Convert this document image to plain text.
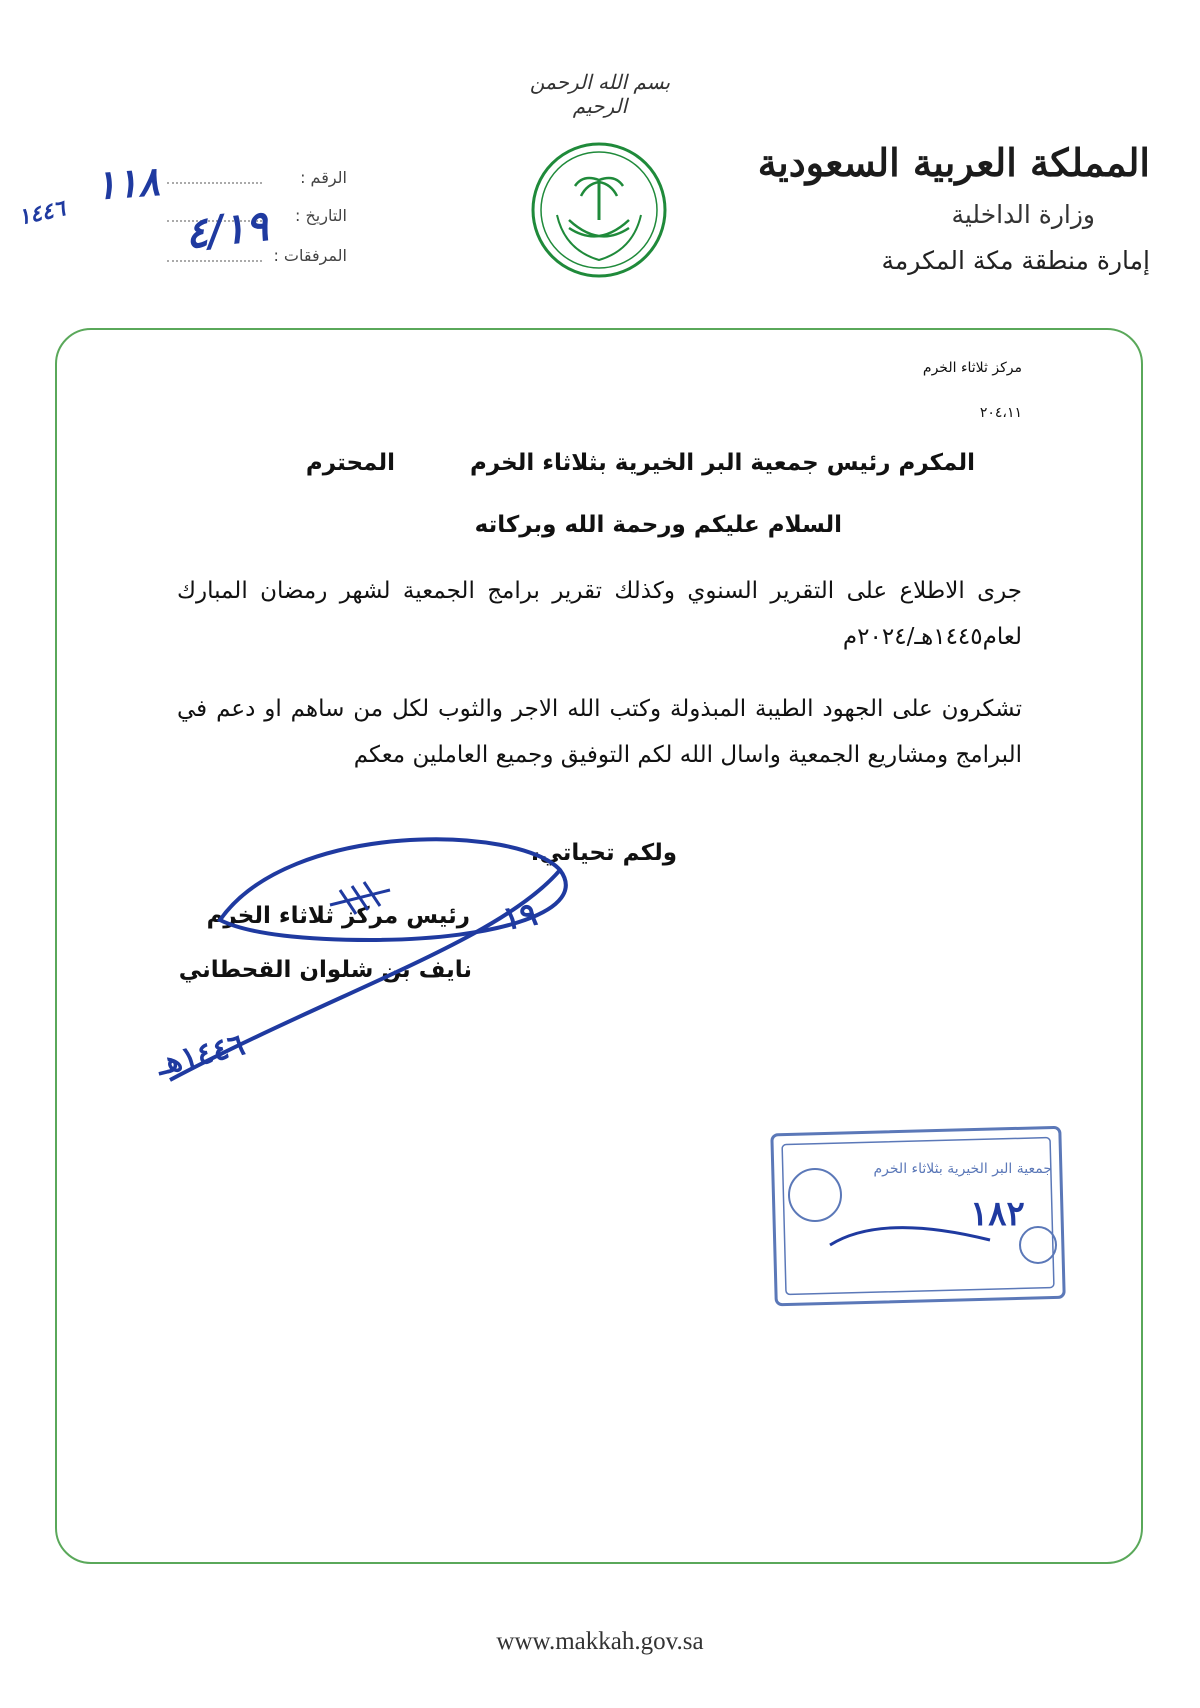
بسم الله الرحمن الرحيم
المملكة العربية السعودية
وزارة الداخلية
إمارة منطقة مكة المكرمة
الرقم :
التاريخ :
المرفقات :
١١٨
٤/١٩
١٤٤٦
مركز ثلاثاء الخرم
٢٠٤،١١
المكرم رئيس جمعية البر الخيرية بثلاثاء الخرم
المحترم
السلام عليكم ورحمة الله وبركاته
جرى الاطلاع على التقرير السنوي وكذلك تقرير برامج الجمعية لشهر رمضان المبارك لعام١٤٤٥هـ/٢٠٢٤م
تشكرون على الجهود الطيبة المبذولة وكتب الله الاجر والثوب لكل من ساهم او دعم في البرامج ومشاريع الجمعية واسال الله لكم التوفيق وجميع العاملين معكم
ولكم تحياتي،
رئيس مركز ثلاثاء الخرم
نايف بن شلوان القحطاني
١٩
١٤٤٦هـ
جمعية البر الخيرية بثلاثاء الخرم
١٨٢
www.makkah.gov.sa
